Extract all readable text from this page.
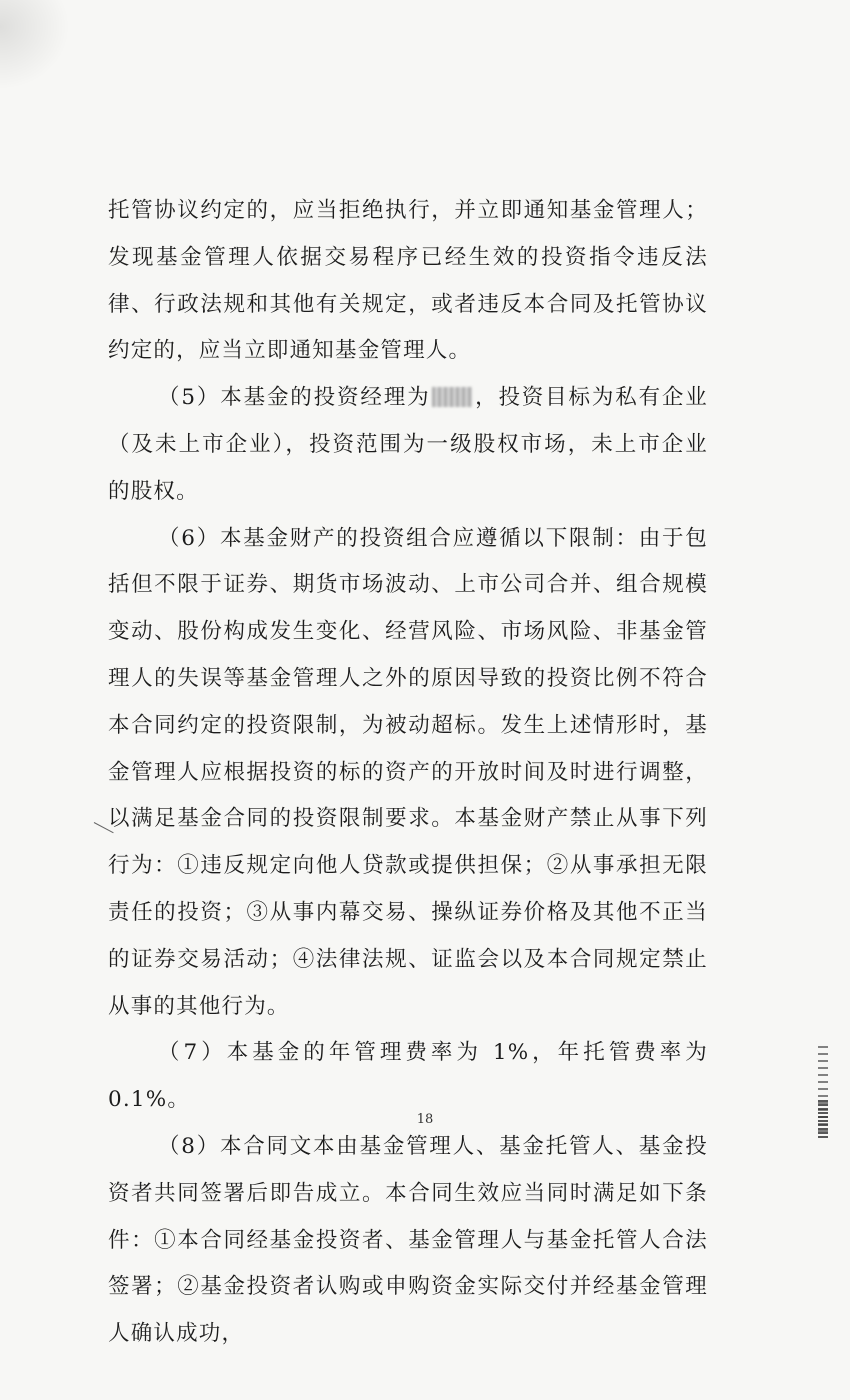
托管协议约定的，应当拒绝执行，并立即通知基金管理人；发现基金管理人依据交易程序已经生效的投资指令违反法律、行政法规和其他有关规定，或者违反本合同及托管协议约定的，应当立即通知基金管理人。

（5）本基金的投资经理为 ，投资目标为私有企业（及未上市企业），投资范围为一级股权市场，未上市企业的股权。

（6）本基金财产的投资组合应遵循以下限制：由于包括但不限于证券、期货市场波动、上市公司合并、组合规模变动、股份构成发生变化、经营风险、市场风险、非基金管理人的失误等基金管理人之外的原因导致的投资比例不符合本合同约定的投资限制，为被动超标。发生上述情形时，基金管理人应根据投资的标的资产的开放时间及时进行调整，以满足基金合同的投资限制要求。本基金财产禁止从事下列行为：①违反规定向他人贷款或提供担保；②从事承担无限责任的投资；③从事内幕交易、操纵证券价格及其他不正当的证券交易活动；④法律法规、证监会以及本合同规定禁止从事的其他行为。

（7）本基金的年管理费率为 1%，年托管费率为 0.1%。

（8）本合同文本由基金管理人、基金托管人、基金投资者共同签署后即告成立。本合同生效应当同时满足如下条件：①本合同经基金投资者、基金管理人与基金托管人合法签署；②基金投资者认购或申购资金实际交付并经基金管理人确认成功，

18
